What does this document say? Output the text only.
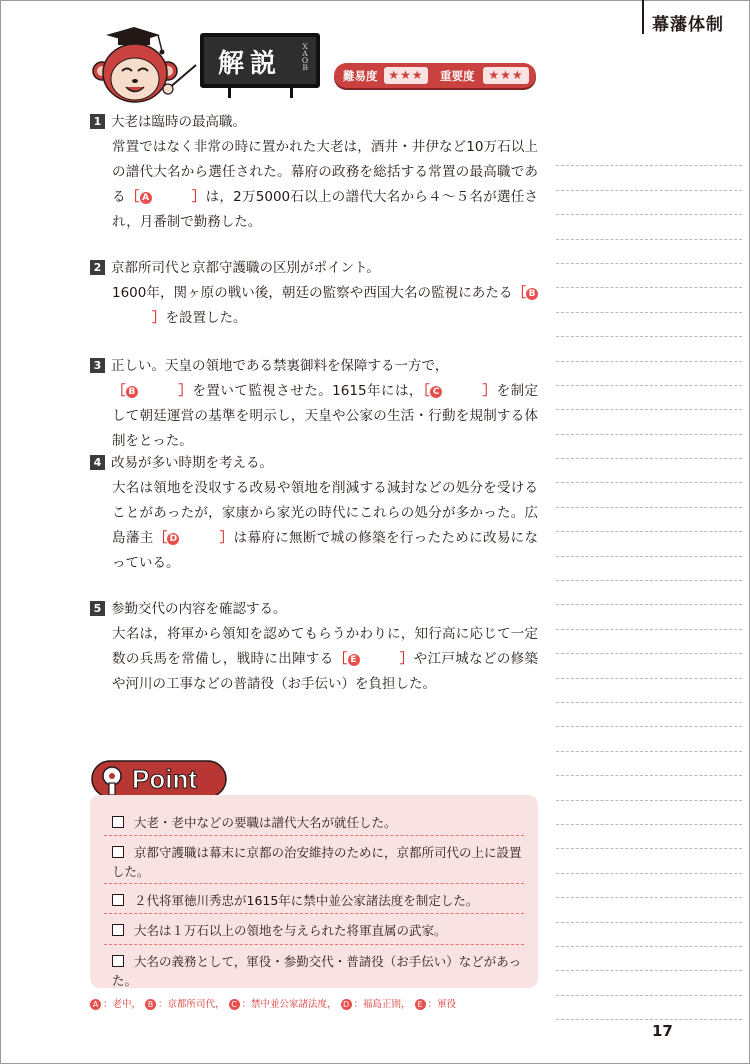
幕藩体制
解説	ＸＡＯＢ
難易度 ★★★	重要度	★★★
1 大老は臨時の最高職。
常置ではなく非常の時に置かれた大老は，酒井・井伊など10万石以上の譜代大名から選任された。幕府の政務を総括する常置の最高職である［ A	］は，2万5000石以上の譜代大名から４～５名が選任され，月番制で勤務した。
2 京都所司代と京都守護職の区別がポイント。
1600年，関ヶ原の戦い後，朝廷の監察や西国大名の監視にあたる［ B］を設置した。
3 正しい。天皇の領地である禁裏御料を保障する一方で，
［ B	］を置いて監視させた。1615年には，［ C	］を制定して朝廷運営の基準を明示し，天皇や公家の生活・行動を規制する体制をとった。
4 改易が多い時期を考える。
大名は領地を没収する改易や領地を削減する減封などの処分を受けることがあったが，家康から家光の時代にこれらの処分が多かった。広島藩主［ D	］は幕府に無断で城の修築を行ったために改易になっている。
5 参勤交代の内容を確認する。
大名は，将軍から領知を認めてもらうかわりに，知行高に応じて一定数の兵馬を常備し，戦時に出陣する［ E	］や江戸城などの修築や河川の工事などの普請役（お手伝い）を負担した。
Point
大老・老中などの要職は譜代大名が就任した。
京都守護職は幕末に京都の治安維持のために，京都所司代の上に設置した。
２代将軍徳川秀忠が1615年に禁中並公家諸法度を制定した。
大名は１万石以上の領地を与えられた将軍直属の武家。
大名の義務として，軍役・参勤交代・普請役（お手伝い）などがあった。
A ：老中， B ：京都所司代， C ：禁中並公家諸法度， D ：福島正則， E ：軍役
17
